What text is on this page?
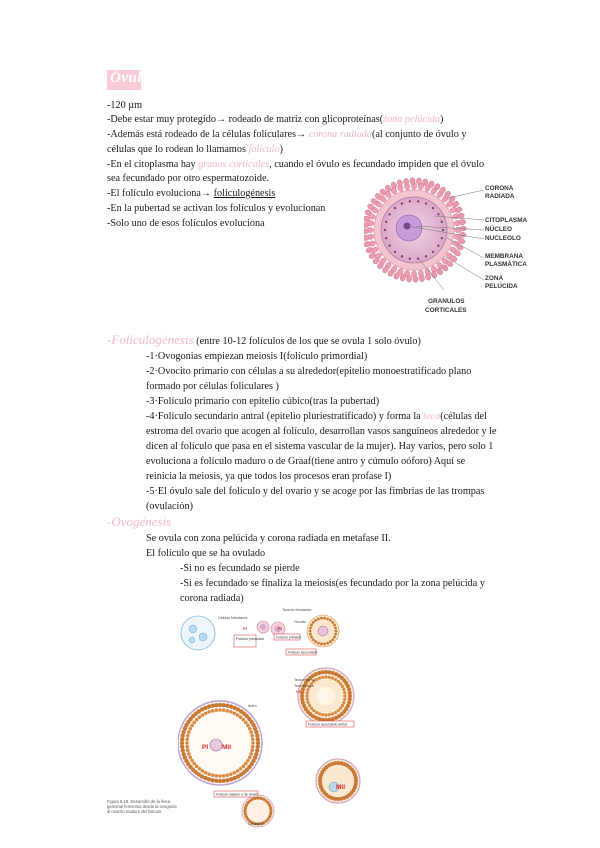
Óvulo
-120 µm
-Debe estar muy protegido→ rodeado de matriz con glicoproteínas(zona pelúcida)
-Además está rodeado de la células foliculares→ corona radiada(al conjunto de óvulo y
células que lo rodean lo llamamos folículo)
-En el citoplasma hay granos corticales, cuando el óvulo es fecundado impiden que el óvulo
sea fecundado por otro espermatozoide.
-El folículo evoluciona→ foliculogénesis
-En la pubertad se activan los folículos y evolucionan
-Solo uno de esos folículos evoluciona
CORONA
RADIADA
CITOPLASMA
NÚCLEO
NUCLEOLO
MEMBRANA
PLASMÁTICA
ZONA
PELÚCIDA
GRANULOS
CORTICALES
-Foliculogénesis (entre 10-12 folículos de los que se ovula 1 solo óvulo)
-1·Ovogonias empiezan meiosis I(folículo primordial)
-2·Ovocito primario con células a su alrededor(epitelio monoestratificado plano
formado por células foliculares )
-3·Folículo primario con epitelio cúbico(tras la pubertad)
-4·Folículo secundario antral (epitelio pluriestratificado) y forma la teca(células del
estroma del ovario que acogen al folículo, desarrollan vasos sanguíneos alrededor y le
dicen al folículo que pasa en el sistema vascular de la mujer). Hay varios, pero solo 1
evoluciona a folículo maduro o de Graaf(tiene antro y cúmulo oóforo) Aquí se
reinicia la meiosis, ya que todos los procesos eran profase I)
-5·El óvulo sale del folículo y del ovario y se acoge por las fimbrias de las trompas
(ovulación)
-Ovogénesis
Se ovula con zona pelúcida y corona radiada en metafase II.
El folículo que se ha ovulado
-Si no es fecundado se pierde
-Si es fecundado se finaliza la meiosis(es fecundado por la zona pelúcida y
corona radiada)
Teca en formación
Células foliculares
Ovocito
Teca externa
Teca interna
Antro
Ovulación
PI	PI
VS
PI MII
MII
Folículo primordial	Folículo primario
Folículo secundario
Folículo secundario antral
Folículo maduro o de Graaf
Figura 5.19. Desarrollo de la línea germinal femenina desde la ovogonia al ovocito maduro del folículo.
